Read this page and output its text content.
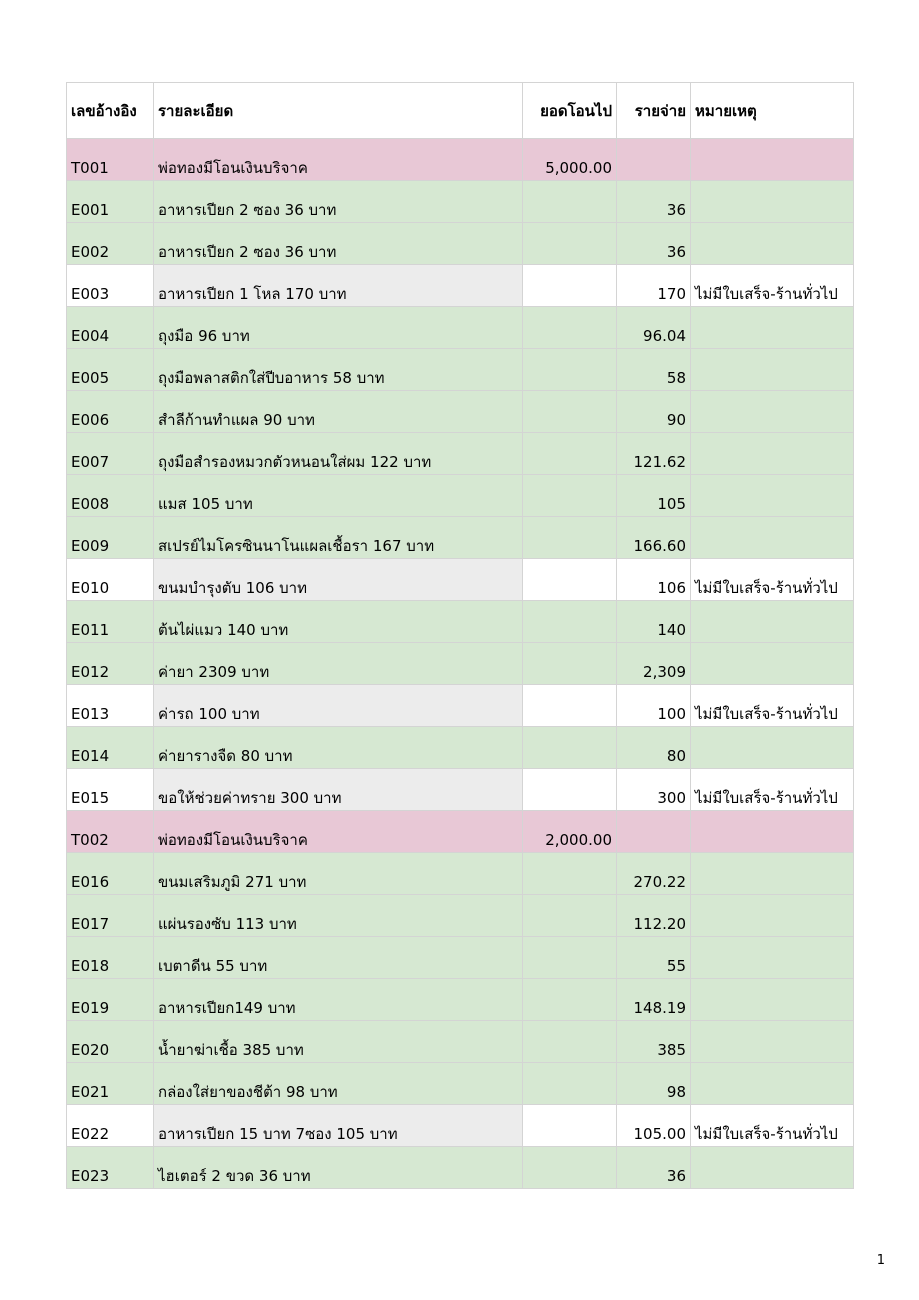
เลขอ้างอิง	รายละเอียด	ยอดโอนไป	รายจ่าย	หมายเหตุ
T001	พ่อทองมีโอนเงินบริจาค	5,000.00		
E001	อาหารเปียก 2 ซอง 36 บาท		36	
E002	อาหารเปียก 2 ซอง 36 บาท		36	
E003	อาหารเปียก 1 โหล 170 บาท		170	ไม่มีใบเสร็จ-ร้านทั่วไป
E004	ถุงมือ 96 บาท		96.04	
E005	ถุงมือพลาสติกใส่ปีบอาหาร 58 บาท		58	
E006	สำลีก้านทำแผล 90 บาท		90	
E007	ถุงมือสำรองหมวกตัวหนอนใส่ผม 122 บาท		121.62	
E008	แมส 105 บาท		105	
E009	สเปรย์ไมโครซินนาโนแผลเชื้อรา 167 บาท		166.60	
E010	ขนมบำรุงตับ 106 บาท		106	ไม่มีใบเสร็จ-ร้านทั่วไป
E011	ต้นไผ่แมว 140 บาท		140	
E012	ค่ายา 2309 บาท		2,309	
E013	ค่ารถ 100 บาท		100	ไม่มีใบเสร็จ-ร้านทั่วไป
E014	ค่ายารางจืด 80 บาท		80	
E015	ขอให้ช่วยค่าทราย 300 บาท		300	ไม่มีใบเสร็จ-ร้านทั่วไป
T002	พ่อทองมีโอนเงินบริจาค	2,000.00		
E016	ขนมเสริมภูมิ 271 บาท		270.22	
E017	แผ่นรองซับ 113 บาท		112.20	
E018	เบตาดีน 55 บาท		55	
E019	อาหารเปียก149 บาท		148.19	
E020	น้ำยาฆ่าเชื้อ 385 บาท		385	
E021	กล่องใส่ยาของชีต้า 98 บาท		98	
E022	อาหารเปียก 15 บาท 7ซอง 105 บาท		105.00	ไม่มีใบเสร็จ-ร้านทั่วไป
E023	ไฮเตอร์ 2 ขวด 36 บาท		36	
1
